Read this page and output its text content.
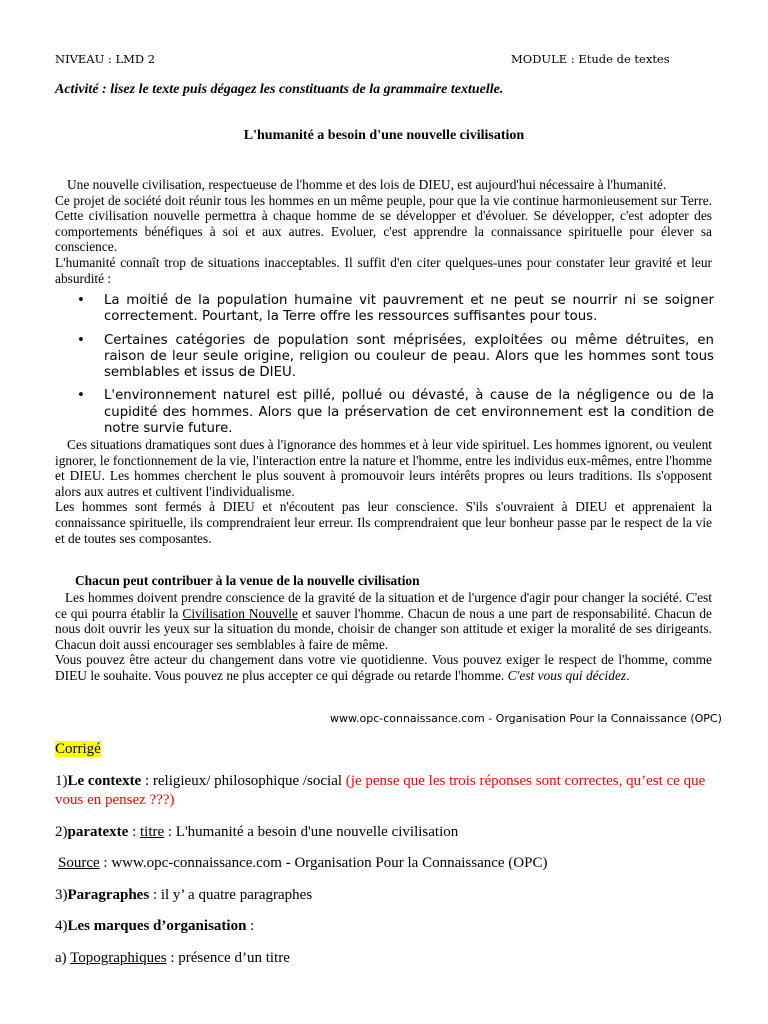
NIVEAU : LMD 2	MODULE : Etude de textes
Activité : lisez le texte puis dégagez les constituants de la grammaire textuelle.
L'humanité a besoin d'une nouvelle civilisation
Une nouvelle civilisation, respectueuse de l'homme et des lois de DIEU, est aujourd'hui nécessaire à l'humanité.
Ce projet de société doit réunir tous les hommes en un même peuple, pour que la vie continue harmonieusement sur Terre. Cette civilisation nouvelle permettra à chaque homme de se développer et d'évoluer. Se développer, c'est adopter des comportements bénéfiques à soi et aux autres. Evoluer, c'est apprendre la connaissance spirituelle pour élever sa conscience.
L'humanité connaît trop de situations inacceptables. Il suffit d'en citer quelques-unes pour constater leur gravité et leur absurdité :
• La moitié de la population humaine vit pauvrement et ne peut se nourrir ni se soigner correctement. Pourtant, la Terre offre les ressources suffisantes pour tous.
• Certaines catégories de population sont méprisées, exploitées ou même détruites, en raison de leur seule origine, religion ou couleur de peau. Alors que les hommes sont tous semblables et issus de DIEU.
• L'environnement naturel est pillé, pollué ou dévasté, à cause de la négligence ou de la cupidité des hommes. Alors que la préservation de cet environnement est la condition de notre survie future.
Ces situations dramatiques sont dues à l'ignorance des hommes et à leur vide spirituel. Les hommes ignorent, ou veulent ignorer, le fonctionnement de la vie, l'interaction entre la nature et l'homme, entre les individus eux-mêmes, entre l'homme et DIEU. Les hommes cherchent le plus souvent à promouvoir leurs intérêts propres ou leurs traditions. Ils s'opposent alors aux autres et cultivent l'individualisme.
Les hommes sont fermés à DIEU et n'écoutent pas leur conscience. S'ils s'ouvraient à DIEU et apprenaient la connaissance spirituelle, ils comprendraient leur erreur. Ils comprendraient que leur bonheur passe par le respect de la vie et de toutes ses composantes.
Chacun peut contribuer à la venue de la nouvelle civilisation
Les hommes doivent prendre conscience de la gravité de la situation et de l'urgence d'agir pour changer la société. C'est ce qui pourra établir la Civilisation Nouvelle et sauver l'homme. Chacun de nous a une part de responsabilité. Chacun de nous doit ouvrir les yeux sur la situation du monde, choisir de changer son attitude et exiger la moralité de ses dirigeants. Chacun doit aussi encourager ses semblables à faire de même.
Vous pouvez être acteur du changement dans votre vie quotidienne. Vous pouvez exiger le respect de l'homme, comme DIEU le souhaite. Vous pouvez ne plus accepter ce qui dégrade ou retarde l'homme. C'est vous qui décidez.
www.opc-connaissance.com - Organisation Pour la Connaissance (OPC)
Corrigé
1)Le contexte : religieux/ philosophique /social (je pense que les trois réponses sont correctes, qu’est ce que vous en pensez ???)
2)paratexte : titre : L'humanité a besoin d'une nouvelle civilisation
Source : www.opc-connaissance.com - Organisation Pour la Connaissance (OPC)
3)Paragraphes : il y’ a quatre paragraphes
4)Les marques d’organisation :
a) Topographiques : présence d’un titre
